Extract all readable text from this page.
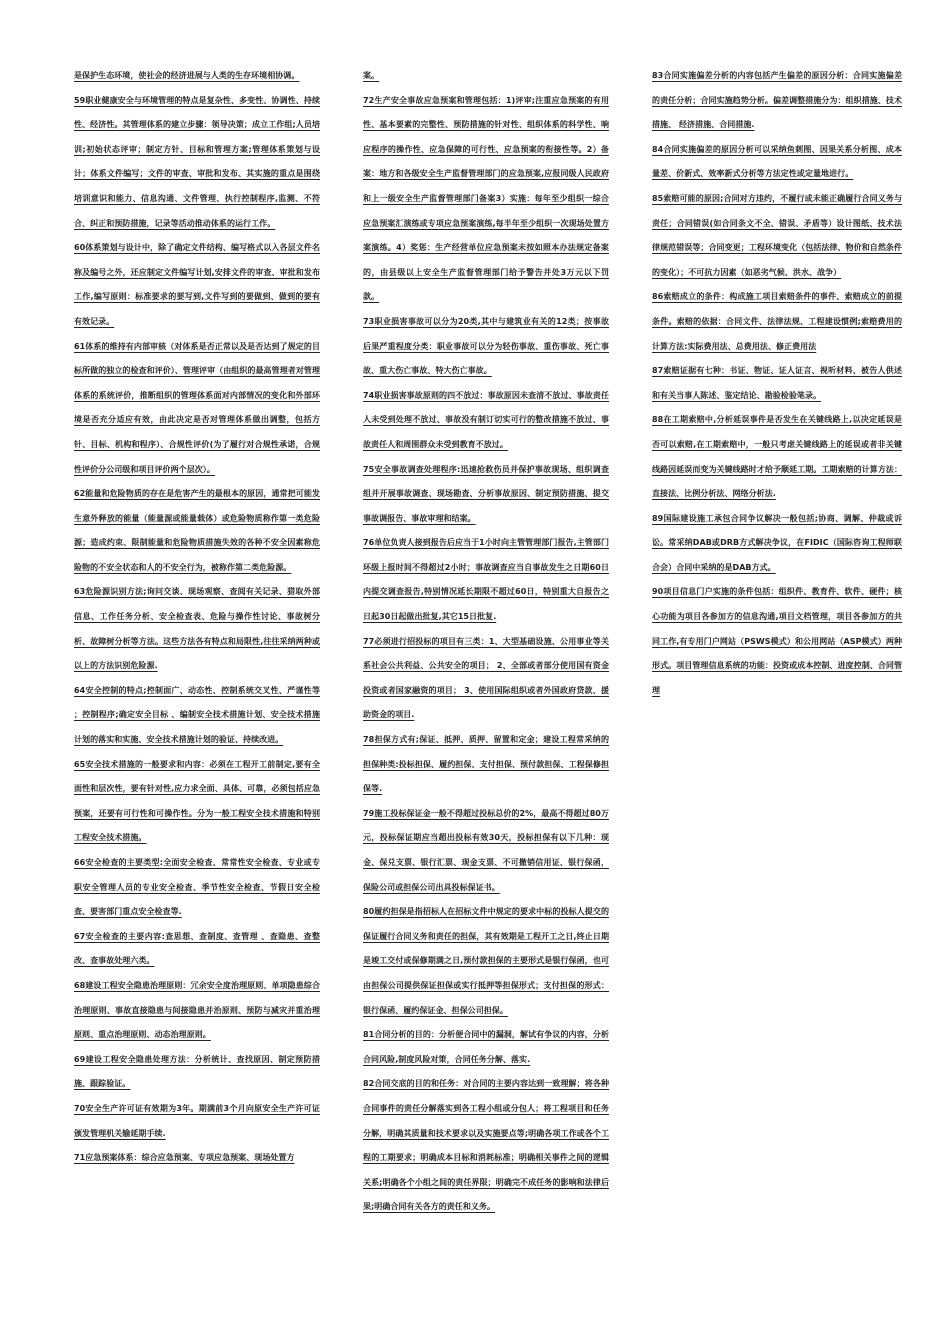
是保护生态环境，使社会的经济进展与人类的生存环境相协调。

59职业健康安全与环境管理的特点是复杂性、多变性、协调性、持续性、经济性。其管理体系的建立步骤：领导决策；成立工作组;人员培训;初始状态评审；制定方针、目标和管理方案;管理体系策划与设计；体系文件编写；文件的审查、审批和发布、其实施的重点是围绕培训意识和能力、信息沟通、文件管理、执行控制程序,监测、不符合、纠正和预防措施，记录等活动推动体系的运行工作。

60体系策划与设计中，除了确定文件结构、编写格式以入各层文件名称及编号之外，还应制定文件编写计划,安排文件的审查、审批和发布工作,编写原则：标准要求的要写到,文件写到的要做到、做到的要有有效记录。

61体系的维持有内部审核（对体系是否正常以及是否达到了规定的目标所做的独立的检查和评价）、管理评审（由组织的最高管理者对管理体系的系统评价，推断组织的管理体系面对内部情况的变化和外部环境是否充分适应有效，由此决定是否对管理体系做出调整，包括方针、目标、机构和程序）、合规性评价(为了履行对合规性承诺，合规性评价分公司级和项目评价两个层次）。

62能量和危险物质的存在是危害产生的最根本的原因，通常把可能发生意外释放的能量（能量源或能量载体）或危险物质称作第一类危险源；造成约束、限制能量和危险物质措施失效的各种不安全因素称危险物的不安全状态和人的不安全行为，被称作第二类危险源。

63危险源识别方法;询问交谈、现场观察、查阅有关记录、猎取外部信息、工作任务分析、安全检查表、危险与操作性讨论、事故树分析、故障树分析等方法。这些方法各有特点和局限性,往往采纳两种或以上的方法识别危险源.

64安全控制的特点;控制面广、动态性、控制系统交叉性、严谨性等 ；控制程序;确定安全目标 、编制安全技术措施计划、安全技术措施计划的落实和实施、安全技术措施计划的验证、持续改进。

65安全技术措施的一般要求和内容：必须在工程开工前制定,要有全面性和层次性，要有针对性,应力求全面、具体、可靠，必须包括应急预案，还要有可行性和可操作性。分为一般工程安全技术措施和特别工程安全技术措施。

66安全检查的主要类型:全面安全检查、常常性安全检查、专业或专职安全管理人员的专业安全检查、季节性安全检查、节假日安全检查、要害部门重点安全检查等.

67安全检查的主要内容:查思想、查制度、查管理 、查隐患、查整改、查事故处理六类。

68建设工程安全隐患治理原则：冗余安全度治理原则、单项隐患综合治理原则、事故直接隐患与间接隐患并治原则、预防与减灾并重治理原则、重点治理原则、动态治理原则。

69建设工程安全隐患处理方法：分析统计、查找原因、制定预防措施、跟踪验证。

70安全生产许可证有效期为3年。期满前3个月向原安全生产许可证颁发管理机关输延期手续.

71应急预案体系：综合应急预案、专项应急预案、现场处置方

案。

72生产安全事故应急预案和管理包括：1)评审;注重应急预案的有用性、基本要素的完整性、预防措施的针对性、组织体系的科学性、响应程序的操作性、应急保障的可行性、应急预案的衔接性等。2）备案：地方和各级安全生产监督管理部门的应急预案,应报同级人民政府和上一级安全生产监督管理部门备案3）实施：每年至少组织一综合应急预案汇演练或专项应急预案演练,每半年至少组织一次现场处置方案演练。4）奖惩：生产经营单位应急预案未按如照本办法规定备案的，由县级以上安全生产监督管理部门给予警告并处3万元以下罚款。

73职业损害事故可以分为20类,其中与建筑业有关的12类；按事故后果严重程度分类：职业事故可以分为轻伤事故、重伤事故、死亡事故、重大伤亡事故、特大伤亡事故。

74职业损害事故原则的四不放过：事故原因未查清不放过、事故责任人未受到处理不放过、事故没有制订切实可行的整改措施不放过、事故责任人和周围群众未受到教育不放过。

75安全事故调查处理程序:迅速抢救伤员并保护事故现场、组织调查组并开展事故调查、现场勘查、分析事故原因、制定预防措施、提交事故调报告、事故审理和结案。

76单位负责人接到报告后应当于1小时向主管管理部门报告,主管部门环级上报时间不得超过2小时；事故调查应当自事故发生之日期60日内提交调查报告,特别情况延长期限不超过60日，特别重大自报告之日起30日起做出批复,其它15日批复.

77必须进行招投标的项目有三类：1、大型基础设施、公用事业等关系社会公共利益、公共安全的项目； 2、全部或者部分使用国有资金投资或者国家融资的项目； 3、使用国际组织或者外国政府贷款、援助资金的项目.

78担保方式有;保证、抵押、质押、留置和定金；建设工程常采纳的担保种类:投标担保、履约担保、支付担保、预付款担保、工程保修担保等.

79施工投标保证金一般不得超过投标总价的2%，最高不得超过80万元，投标保证期应当超出投标有效30天，投标担保有以下几种：现金、保兑支票、银行汇票、现金支票、不可撤销信用证、银行保函，保险公司或担保公司出具投标保证书。

80履约担保是指招标人在招标文件中规定的要求中标的投标人提交的保证履行合同义务和责任的担保，其有效期是工程开工之日,终止日期是竣工交付或保修期满之日,预付款担保的主要形式是银行保函，也可由担保公司提供保证担保或实行抵押等担保形式；支付担保的形式：银行保函、履约保证金、担保公司担保。

81合同分析的目的：分析便合同中的漏洞，解试有争议的内容，分析合同风险,制度风险对策，合同任务分解、落实.

82合同交底的目的和任务：对合同的主要内容达到一致理解；将各种合同事件的责任分解落实到各工程小组或分包人；将工程项目和任务分解，明确其质量和技术要求以及实施要点等;明确各项工作或各个工程的工期要求；明确成本目标和消耗标准；明确相关事件之间的逻辑关系;明确各个小组之间的责任界限；明确完不成任务的影响和法律后果;明确合同有关各方的责任和义务。

83合同实施偏差分析的内容包括产生偏差的原因分析：合同实施偏差的责任分析；合同实施趋势分析。偏差调整措施分为：组织措施、技术措施、 经济措施、合同措施.

84合同实施偏差的原因分析可以采纳鱼刺图、因果关系分析图、成本量差、价新式、效率新式分析等方法定性或定量地进行。

85索赔可能的原因;合同对方违约，不履行或未能正确履行合同义务与责任；合同错误(如合同条文不全、错误、矛盾等）设计图纸、技术法律规范错误等；合同变更；工程环境变化（包括法律、物价和自然条件的变化）；不可抗力因素（如恶劣气候、洪水、战争）

86索赔成立的条件：构成施工项目索赔条件的事件、索赔成立的前提条件。索赔的依据：合同文件、法律法规、工程建设惯例;索赔费用的计算方法:实际费用法、总费用法、修正费用法

87索赔证据有七种：书证、物证、证人证言、视听材料、被告人供述和有关当事人陈述、鉴定结论、勘验检验笔录。

88在工期索赔中,分析延误事件是否发生在关键线路上,以决定延误是否可以索赔,在工期索赔中，一般只考虑关键线路上的延误或者非关键线路因延误而变为关键线路时才给予顺延工期。工期索赔的计算方法：直接法、比例分析法、网络分析法.

89国际建设施工承包合同争议解决一般包括;协商、调解、仲裁或诉讼。常采纳DAB或DRB方式解决争议，在FIDIC（国际咨询工程师联合会）合同中采纳的是DAB方式。

90项目信息门户实施的条件包括：组织件、教育件、软件、硬件；核心功能为项目各参加方的信息沟通,项目文档管理，项目各参加方的共同工作,有专用门户网站（PSWS模式）和公用网站（ASP模式）两种形式。项目管理信息系统的功能：投资或成本控制、进度控制、合同管理
